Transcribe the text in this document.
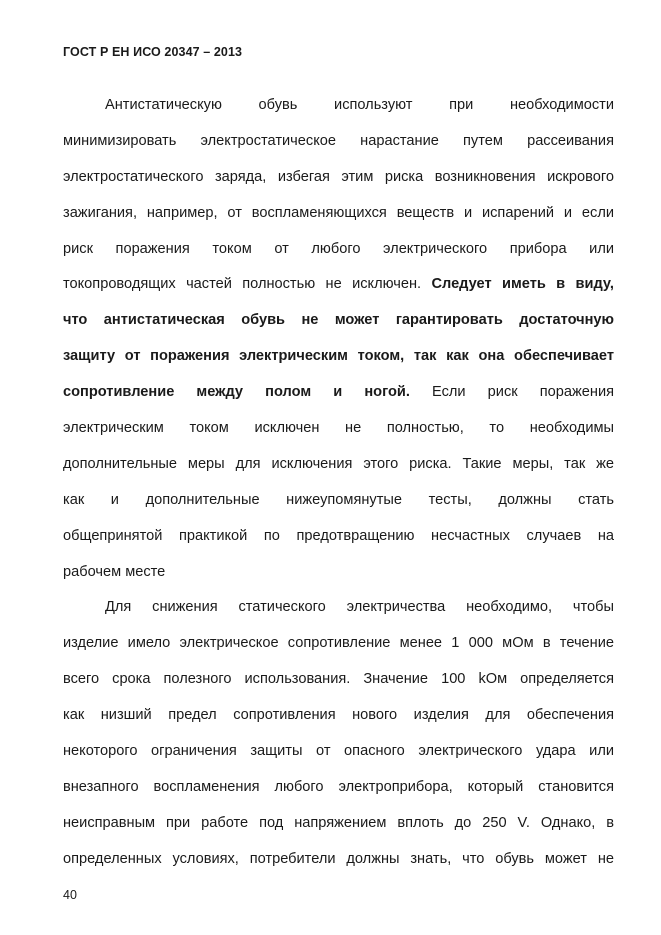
ГОСТ Р ЕН ИСО 20347 – 2013
Антистатическую обувь используют при необходимости
минимизировать электростатическое нарастание путем рассеивания
электростатического заряда, избегая этим риска возникновения искрового
зажигания, например, от воспламеняющихся веществ и испарений и если
риск поражения током от любого электрического прибора или
токопроводящих частей полностью не исключен. Следует иметь в виду,
что антистатическая обувь не может гарантировать достаточную
защиту от поражения электрическим током, так как она обеспечивает
сопротивление между полом и ногой. Если риск поражения
электрическим током исключен не полностью, то необходимы
дополнительные меры для исключения этого риска. Такие меры, так же
как и дополнительные нижеупомянутые тесты, должны стать
общепринятой практикой по предотвращению несчастных случаев на
рабочем месте
Для снижения статического электричества необходимо, чтобы
изделие имело электрическое сопротивление менее 1 000 мОм в течение
всего срока полезного использования. Значение 100 kОм определяется
как низший предел сопротивления нового изделия для обеспечения
некоторого ограничения защиты от опасного электрического удара или
внезапного воспламенения любого электроприбора, который становится
неисправным при работе под напряжением вплоть до 250 V. Однако, в
определенных условиях, потребители должны знать, что обувь может не
40
